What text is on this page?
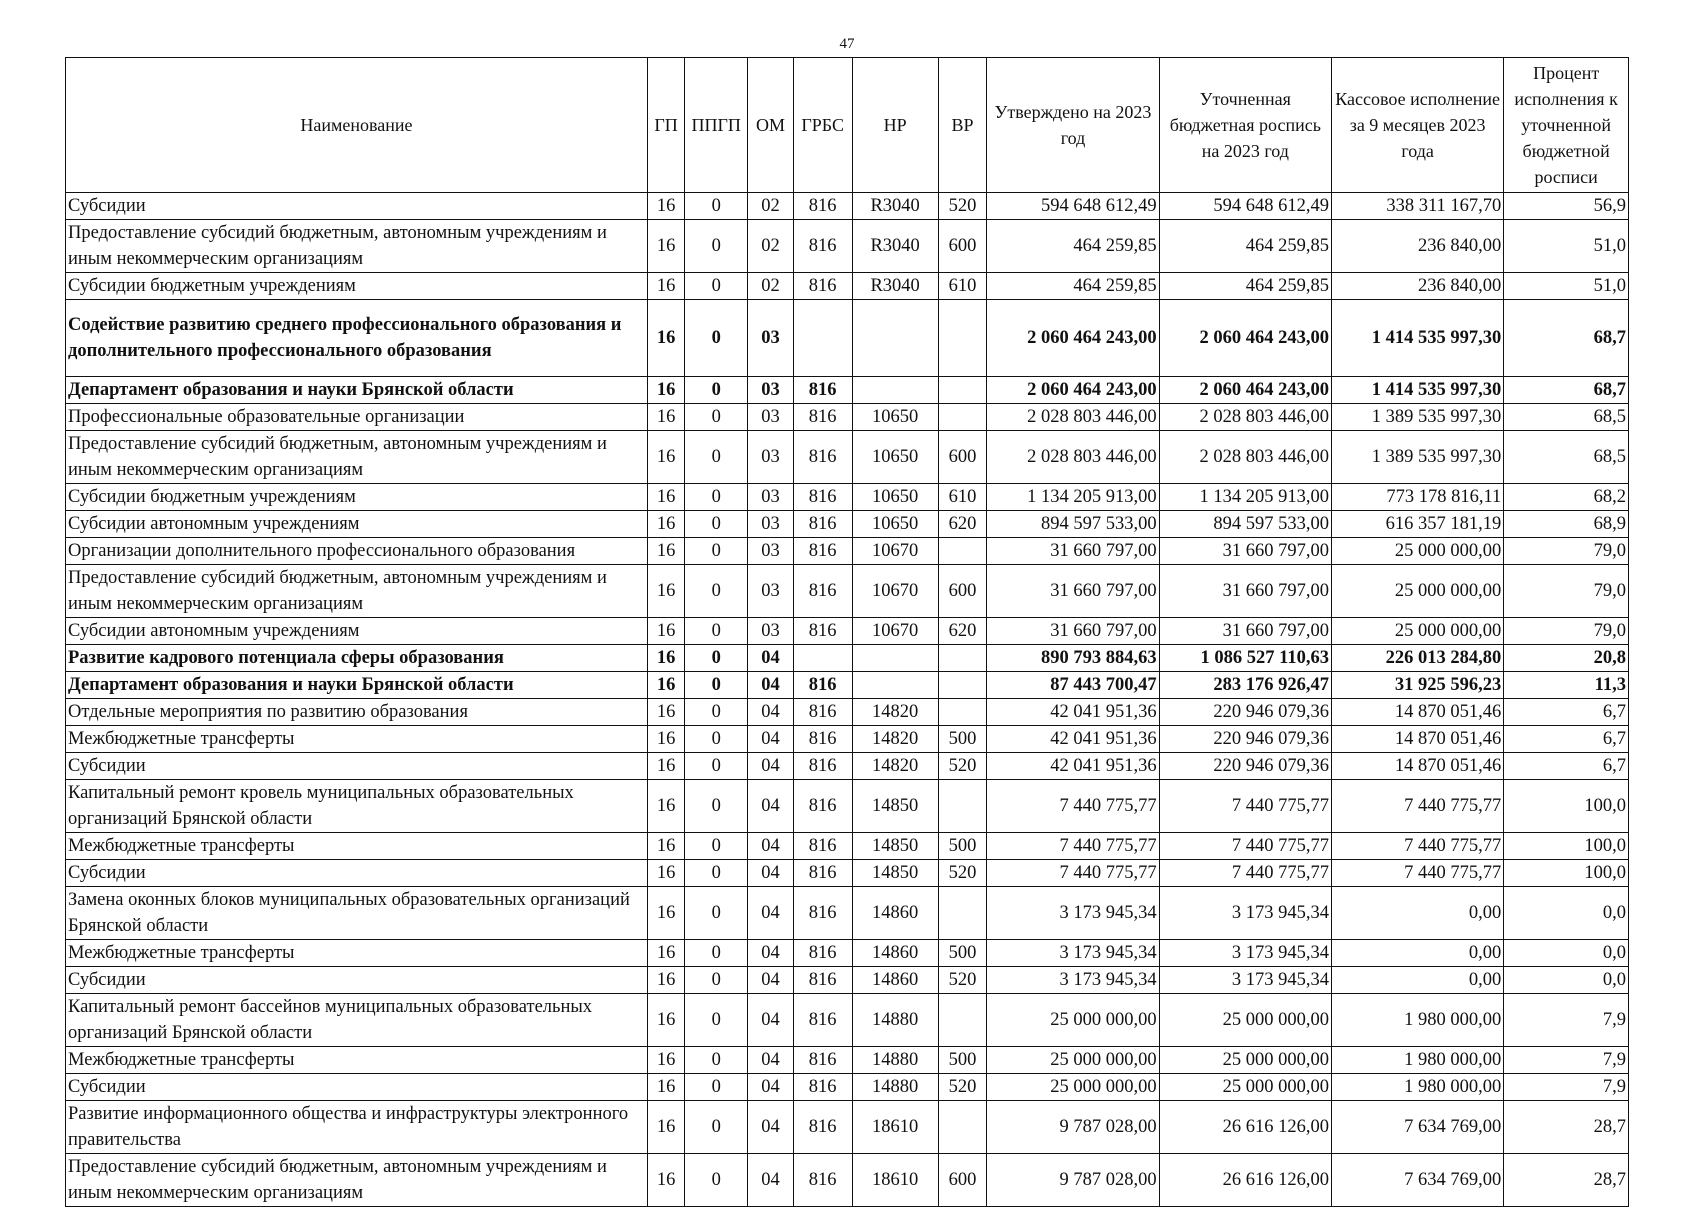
47
Наименование	ГП	ППГП	ОМ	ГРБС	НР	ВР	Утверждено на 2023 год	Уточненная бюджетная роспись на 2023 год	Кассовое исполнение за 9 месяцев 2023 года	Процент исполнения к уточненной бюджетной росписи
Субсидии	16	0	02	816	R3040	520	594 648 612,49	594 648 612,49	338 311 167,70	56,9
Предоставление субсидий бюджетным, автономным учреждениям и иным некоммерческим организациям	16	0	02	816	R3040	600	464 259,85	464 259,85	236 840,00	51,0
Субсидии бюджетным учреждениям	16	0	02	816	R3040	610	464 259,85	464 259,85	236 840,00	51,0
Содействие развитию среднего профессионального образования и дополнительного профессионального образования	16	0	03				2 060 464 243,00	2 060 464 243,00	1 414 535 997,30	68,7
Департамент образования и науки Брянской области	16	0	03	816			2 060 464 243,00	2 060 464 243,00	1 414 535 997,30	68,7
Профессиональные образовательные организации	16	0	03	816	10650		2 028 803 446,00	2 028 803 446,00	1 389 535 997,30	68,5
Предоставление субсидий бюджетным, автономным учреждениям и иным некоммерческим организациям	16	0	03	816	10650	600	2 028 803 446,00	2 028 803 446,00	1 389 535 997,30	68,5
Субсидии бюджетным учреждениям	16	0	03	816	10650	610	1 134 205 913,00	1 134 205 913,00	773 178 816,11	68,2
Субсидии автономным учреждениям	16	0	03	816	10650	620	894 597 533,00	894 597 533,00	616 357 181,19	68,9
Организации дополнительного профессионального образования	16	0	03	816	10670		31 660 797,00	31 660 797,00	25 000 000,00	79,0
Предоставление субсидий бюджетным, автономным учреждениям и иным некоммерческим организациям	16	0	03	816	10670	600	31 660 797,00	31 660 797,00	25 000 000,00	79,0
Субсидии автономным учреждениям	16	0	03	816	10670	620	31 660 797,00	31 660 797,00	25 000 000,00	79,0
Развитие кадрового потенциала сферы образования	16	0	04				890 793 884,63	1 086 527 110,63	226 013 284,80	20,8
Департамент образования и науки Брянской области	16	0	04	816			87 443 700,47	283 176 926,47	31 925 596,23	11,3
Отдельные мероприятия по развитию образования	16	0	04	816	14820		42 041 951,36	220 946 079,36	14 870 051,46	6,7
Межбюджетные трансферты	16	0	04	816	14820	500	42 041 951,36	220 946 079,36	14 870 051,46	6,7
Субсидии	16	0	04	816	14820	520	42 041 951,36	220 946 079,36	14 870 051,46	6,7
Капитальный ремонт кровель муниципальных образовательных организаций Брянской области	16	0	04	816	14850		7 440 775,77	7 440 775,77	7 440 775,77	100,0
Межбюджетные трансферты	16	0	04	816	14850	500	7 440 775,77	7 440 775,77	7 440 775,77	100,0
Субсидии	16	0	04	816	14850	520	7 440 775,77	7 440 775,77	7 440 775,77	100,0
Замена оконных блоков муниципальных образовательных организаций Брянской области	16	0	04	816	14860		3 173 945,34	3 173 945,34	0,00	0,0
Межбюджетные трансферты	16	0	04	816	14860	500	3 173 945,34	3 173 945,34	0,00	0,0
Субсидии	16	0	04	816	14860	520	3 173 945,34	3 173 945,34	0,00	0,0
Капитальный ремонт бассейнов муниципальных образовательных организаций Брянской области	16	0	04	816	14880		25 000 000,00	25 000 000,00	1 980 000,00	7,9
Межбюджетные трансферты	16	0	04	816	14880	500	25 000 000,00	25 000 000,00	1 980 000,00	7,9
Субсидии	16	0	04	816	14880	520	25 000 000,00	25 000 000,00	1 980 000,00	7,9
Развитие информационного общества и инфраструктуры электронного правительства	16	0	04	816	18610		9 787 028,00	26 616 126,00	7 634 769,00	28,7
Предоставление субсидий бюджетным, автономным учреждениям и иным некоммерческим организациям	16	0	04	816	18610	600	9 787 028,00	26 616 126,00	7 634 769,00	28,7
